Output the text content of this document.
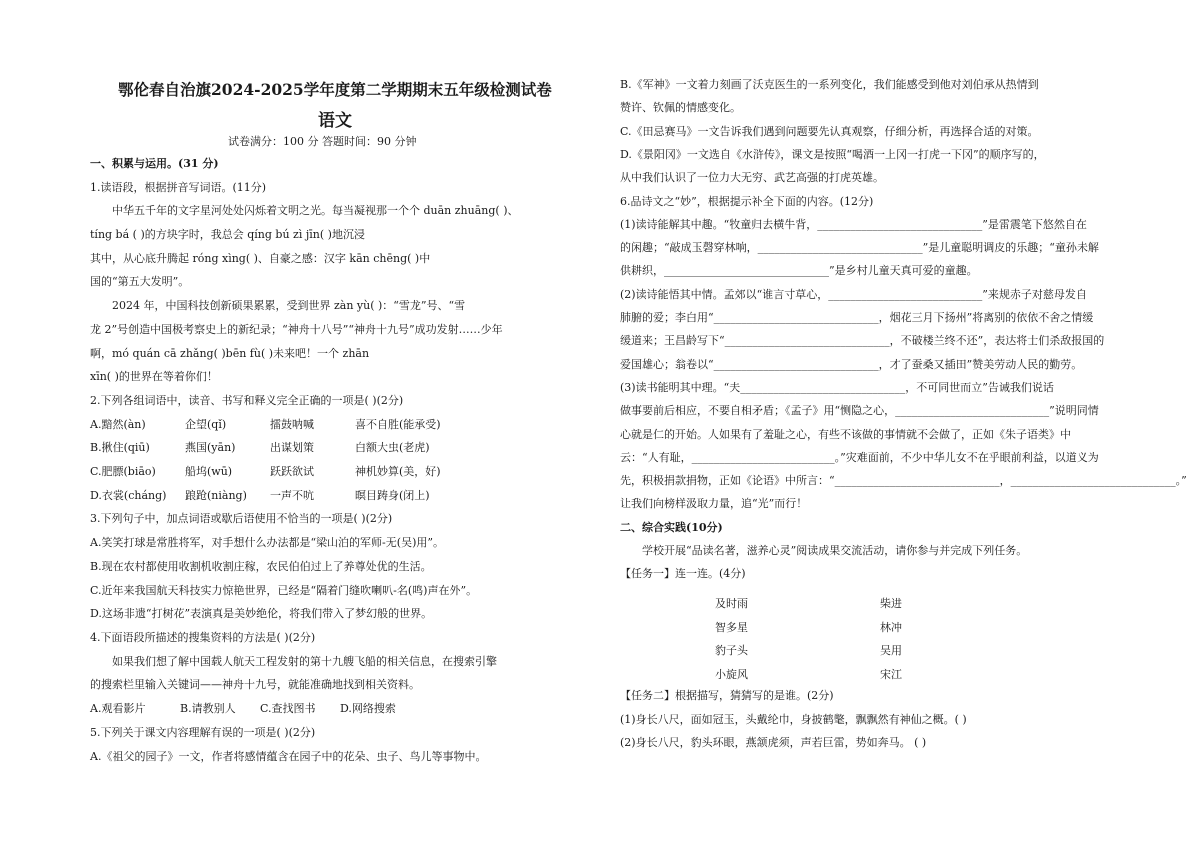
鄂伦春自治旗2024-2025学年度第二学期期末五年级检测试卷
语文
试卷满分：100 分 答题时间：90 分钟
一、积累与运用。(31 分)
1.读语段，根据拼音写词语。(11分)
中华五千年的文字星河处处闪烁着文明之光。每当凝视那一个个 duān zhuāng( )、
tíng bá ( )的方块字时，我总会 qíng bú zì jīn( )地沉浸
其中，从心底升腾起 róng xìng( )、自豪之感：汉字 kān chēng( )中
国的“第五大发明”。
2024 年，中国科技创新硕果累累，受到世界 zàn yù( )：“雪龙”号、“雪
龙 2”号创造中国极考察史上的新纪录；“神舟十八号”“神舟十九号”成功发射……少年
啊，mó quán cā zhǎng( )bēn fù( )未来吧！一个 zhān
xīn( )的世界在等着你们！
2.下列各组词语中，读音、书写和释义完全正确的一项是( )(2分)
A.黯然(àn)	企望(qǐ)	擂鼓呐喊	喜不自胜(能承受)
B.揪住(qiū)	燕国(yān)	出谋划策	白额大虫(老虎)
C.肥膘(biāo)	船坞(wū)	跃跃欲试	神机妙算(美，好)
D.衣裳(cháng) 踉跄(niàng) 一声不吭	暝目踌身(闭上)
3.下列句子中，加点词语或歇后语使用不恰当的一项是( )(2分)
A.笑笑打球是常胜将军，对手想什么办法都是“梁山泊的军师-无(吴)用”。
B.现在农村都使用收割机收割庄稼，农民伯伯过上了养尊处优的生活。
C.近年来我国航天科技实力惊艳世界，已经是“隔着门缝吹喇叭-名(鸣)声在外”。
D.这场非遗“打树花”表演真是美妙绝伦，将我们带入了梦幻般的世界。
4.下面语段所描述的搜集资料的方法是( )(2分)
如果我们想了解中国载人航天工程发射的第十九艘飞船的相关信息，在搜索引擎
的搜索栏里输入关键词——神舟十九号，就能准确地找到相关资料。
A.观看影片	B.请教别人 C.查找图书 D.网络搜索
5.下列关于课文内容理解有误的一项是( )(2分)
A.《祖父的园子》一文，作者将感情蕴含在园子中的花朵、虫子、鸟儿等事物中。
B.《军神》一文着力刻画了沃克医生的一系列变化，我们能感受到他对刘伯承从热情到
赞许、钦佩的情感变化。
C.《田忌赛马》一文告诉我们遇到问题要先认真观察，仔细分析，再选择合适的对策。
D.《景阳冈》一文选自《水浒传》，课文是按照“喝酒一上冈一打虎一下冈”的顺序写的，
从中我们认识了一位力大无穷、武艺高强的打虎英雄。
6.品诗文之“妙”，根据提示补全下面的内容。(12分)
(1)读诗能解其中趣。“牧童归去横牛背，______________________________”是雷震笔下悠然自在
的闲趣；“敲成玉磬穿林响，______________________________”是儿童聪明调皮的乐趣；“童孙未解
供耕织，______________________________”是乡村儿童天真可爱的童趣。
(2)读诗能悟其中情。孟郊以“谁言寸草心，____________________________”来规赤子对慈母发自
肺腑的爱；李白用“______________________________，烟花三月下扬州”将离别的依依不舍之情缓
缓道来；王昌龄写下“______________________________，不破楼兰终不还”，表达将士们杀敌报国的
爱国雄心；翁卷以“______________________________，才了蚕桑又插田”赞美劳动人民的勤劳。
(3)读书能明其中理。“夫______________________________，不可同世而立”告诫我们说话
做事要前后相应，不要自相矛盾；《孟子》用“恻隐之心，____________________________”说明同情
心就是仁的开始。人如果有了羞耻之心，有些不该做的事情就不会做了，正如《朱子语类》中
云：“人有耻，__________________________。”灾难面前，不少中华儿女不在乎眼前利益，以道义为
先，积极捐款捐物，正如《论语》中所言：“______________________________，______________________________。”
让我们向榜样汲取力量，追“光”而行！
二、综合实践(10分)
学校开展“品读名著，滋养心灵”阅读成果交流活动，请你参与并完成下列任务。
【任务一】连一连。(4分)
及时雨	柴进
智多星	林冲
豹子头	吴用
小旋风	宋江
【任务二】根据描写，猜猜写的是谁。(2分)
(1)身长八尺，面如冠玉，头戴纶巾，身披鹤氅，飘飘然有神仙之概。( )
(2)身长八尺，豹头环眼，燕颔虎须，声若巨雷，势如奔马。 ( )
